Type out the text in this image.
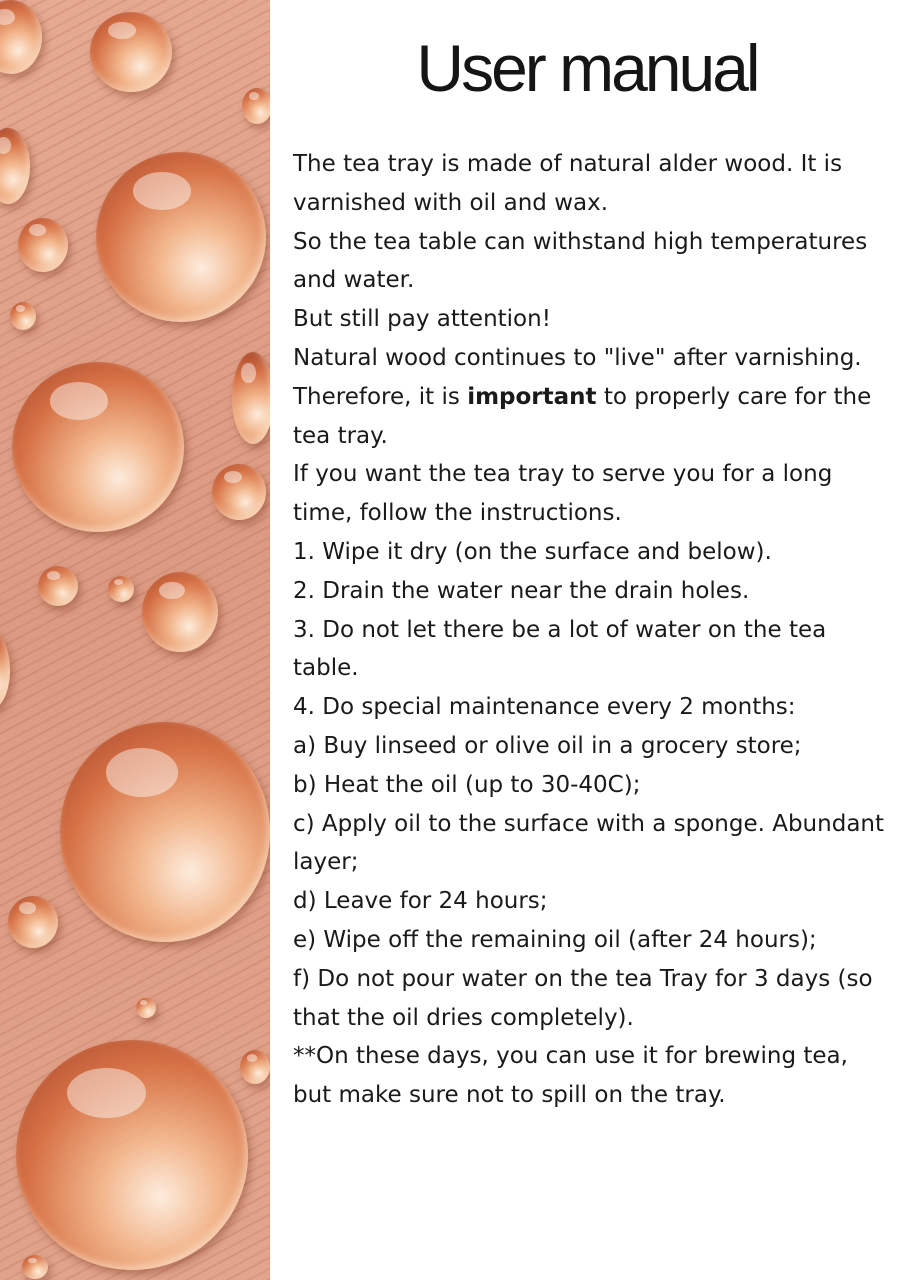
User manual

The tea tray is made of natural alder wood. It is varnished with oil and wax.

So the tea table can withstand high temperatures and water.

But still pay attention!

Natural wood continues to "live" after varnishing.

Therefore, it is important to properly care for the tea tray.

If you want the tea tray to serve you for a long time, follow the instructions.

1. Wipe it dry (on the surface and below).

2. Drain the water near the drain holes.

3. Do not let there be a lot of water on the tea table.

4. Do special maintenance every 2 months:

a) Buy linseed or olive oil in a grocery store;

b) Heat the oil (up to 30-40C);

c) Apply oil to the surface with a sponge. Abundant layer;

d) Leave for 24 hours;

e) Wipe off the remaining oil (after 24 hours);

f) Do not pour water on the tea Tray for 3 days (so that the oil dries completely).

**On these days, you can use it for brewing tea, but make sure not to spill on the tray.
